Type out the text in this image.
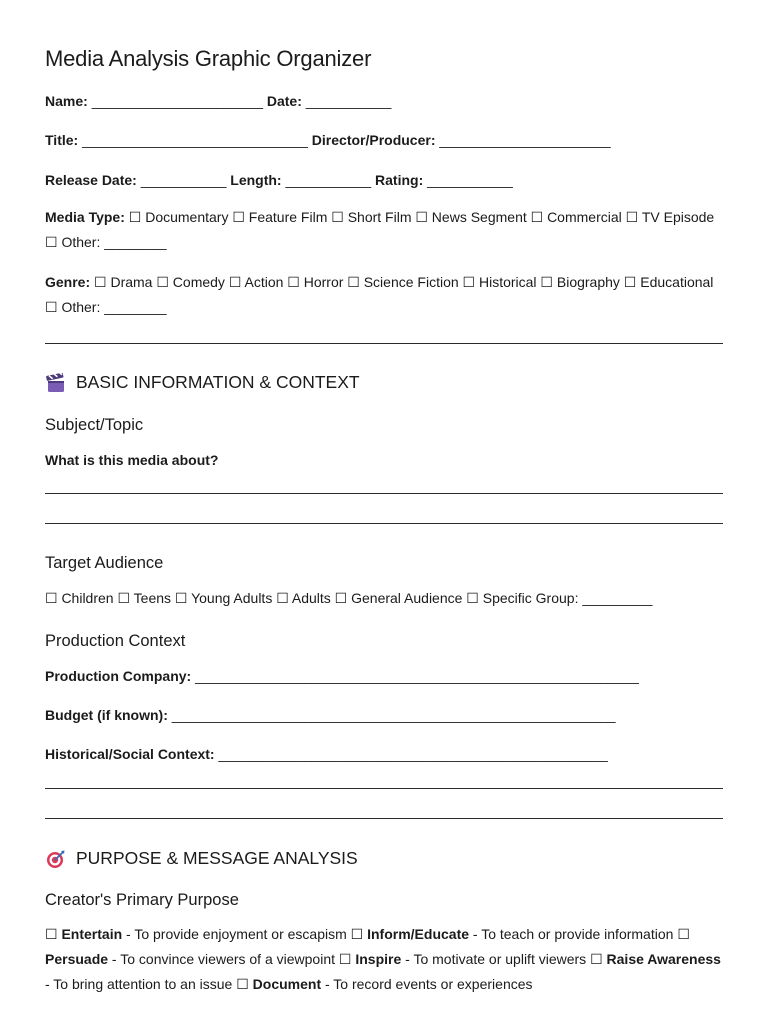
Media Analysis Graphic Organizer
Name: ______________________ Date: ___________
Title: _____________________________ Director/Producer: ______________________
Release Date: ___________ Length: ___________ Rating: ___________
Media Type: ☐ Documentary ☐ Feature Film ☐ Short Film ☐ News Segment ☐ Commercial ☐ TV Episode ☐ Other: ________
Genre: ☐ Drama ☐ Comedy ☐ Action ☐ Horror ☐ Science Fiction ☐ Historical ☐ Biography ☐ Educational ☐ Other: ________
BASIC INFORMATION & CONTEXT
Subject/Topic
What is this media about?
Target Audience
☐ Children ☐ Teens ☐ Young Adults ☐ Adults ☐ General Audience ☐ Specific Group: _________
Production Context
Production Company: _________________________________________________________
Budget (if known): _________________________________________________________
Historical/Social Context: __________________________________________________
PURPOSE & MESSAGE ANALYSIS
Creator's Primary Purpose
☐ Entertain - To provide enjoyment or escapism ☐ Inform/Educate - To teach or provide information ☐ Persuade - To convince viewers of a viewpoint ☐ Inspire - To motivate or uplift viewers ☐ Raise Awareness - To bring attention to an issue ☐ Document - To record events or experiences
